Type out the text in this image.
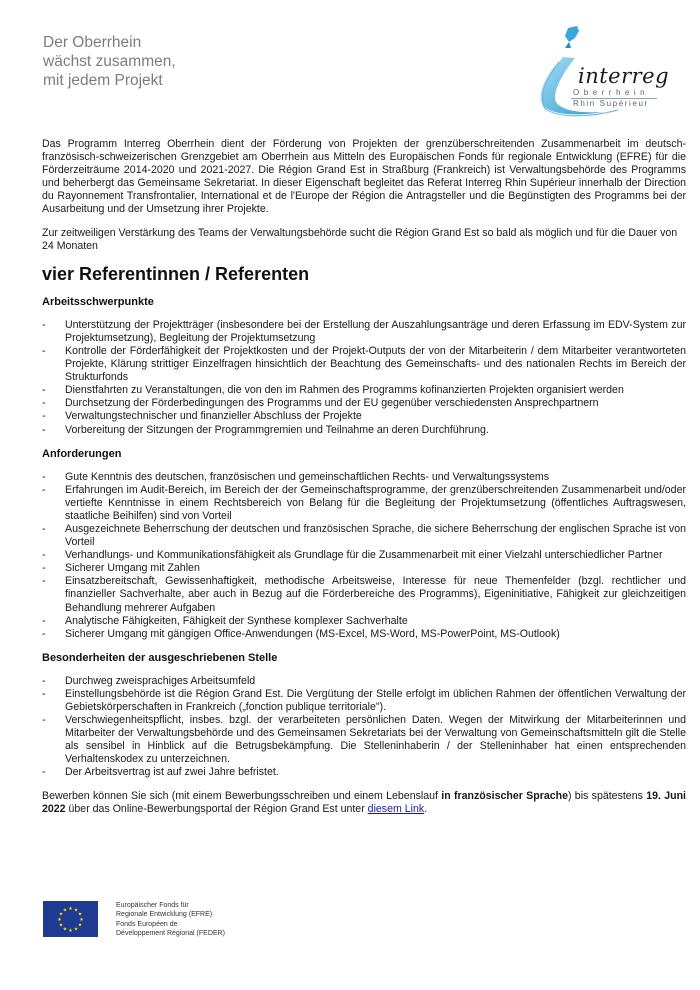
Der Oberrhein
wächst zusammen,
mit jedem Projekt	interreg
Oberrhein
Rhin Supérieur

Das Programm Interreg Oberrhein dient der Förderung von Projekten der grenzüberschreitenden Zusammenarbeit im deutsch-französisch-schweizerischen Grenzgebiet am Oberrhein aus Mitteln des Europäischen Fonds für regionale Entwicklung (EFRE) für die Förderzeiträume 2014-2020 und 2021-2027. Die Région Grand Est in Straßburg (Frankreich) ist Verwaltungsbehörde des Programms und beherbergt das Gemeinsame Sekretariat. In dieser Eigenschaft begleitet das Referat Interreg Rhin Supérieur innerhalb der Direction du Rayonnement Transfrontalier, International et de l'Europe der Région die Antragsteller und die Begünstigten des Programms bei der Ausarbeitung und der Umsetzung ihrer Projekte.

Zur zeitweiligen Verstärkung des Teams der Verwaltungsbehörde sucht die Région Grand Est so bald als möglich und für die Dauer von 24 Monaten

vier Referentinnen / Referenten
Arbeitsschwerpunkte
- Unterstützung der Projektträger (insbesondere bei der Erstellung der Auszahlungsanträge und deren Erfassung im EDV-System zur Projektumsetzung), Begleitung der Projektumsetzung
- Kontrolle der Förderfähigkeit der Projektkosten und der Projekt-Outputs der von der Mitarbeiterin / dem Mitarbeiter verantworteten Projekte, Klärung strittiger Einzelfragen hinsichtlich der Beachtung des Gemeinschafts- und des nationalen Rechts im Bereich der Strukturfonds
- Dienstfahrten zu Veranstaltungen, die von den im Rahmen des Programms kofinanzierten Projekten organisiert werden
- Durchsetzung der Förderbedingungen des Programms und der EU gegenüber verschiedensten Ansprechpartnern
- Verwaltungstechnischer und finanzieller Abschluss der Projekte
- Vorbereitung der Sitzungen der Programmgremien und Teilnahme an deren Durchführung.
Anforderungen
- Gute Kenntnis des deutschen, französischen und gemeinschaftlichen Rechts- und Verwaltungssystems
- Erfahrungen im Audit-Bereich, im Bereich der der Gemeinschaftsprogramme, der grenzüberschreitenden Zusammenarbeit und/oder vertiefte Kenntnisse in einem Rechtsbereich von Belang für die Begleitung der Projektumsetzung (öffentliches Auftragswesen, staatliche Beihilfen) sind von Vorteil
- Ausgezeichnete Beherrschung der deutschen und französischen Sprache, die sichere Beherrschung der englischen Sprache ist von Vorteil
- Verhandlungs- und Kommunikationsfähigkeit als Grundlage für die Zusammenarbeit mit einer Vielzahl unterschiedlicher Partner
- Sicherer Umgang mit Zahlen
- Einsatzbereitschaft, Gewissenhaftigkeit, methodische Arbeitsweise, Interesse für neue Themenfelder (bzgl. rechtlicher und finanzieller Sachverhalte, aber auch in Bezug auf die Förderbereiche des Programms), Eigeninitiative, Fähigkeit zur gleichzeitigen Behandlung mehrerer Aufgaben
- Analytische Fähigkeiten, Fähigkeit der Synthese komplexer Sachverhalte
- Sicherer Umgang mit gängigen Office-Anwendungen (MS-Excel, MS-Word, MS-PowerPoint, MS-Outlook)
Besonderheiten der ausgeschriebenen Stelle
- Durchweg zweisprachiges Arbeitsumfeld
- Einstellungsbehörde ist die Région Grand Est. Die Vergütung der Stelle erfolgt im üblichen Rahmen der öffentlichen Verwaltung der Gebietskörperschaften in Frankreich („fonction publique territoriale").
- Verschwiegenheitspflicht, insbes. bzgl. der verarbeiteten persönlichen Daten. Wegen der Mitwirkung der Mitarbeiterinnen und Mitarbeiter der Verwaltungsbehörde und des Gemeinsamen Sekretariats bei der Verwaltung von Gemeinschaftsmitteln gilt die Stelle als sensibel in Hinblick auf die Betrugsbekämpfung. Die Stelleninhaberin / der Stelleninhaber hat einen entsprechenden Verhaltenskodex zu unterzeichnen.
- Der Arbeitsvertrag ist auf zwei Jahre befristet.

Bewerben können Sie sich (mit einem Bewerbungsschreiben und einem Lebenslauf in französischer Sprache) bis spätestens 19. Juni 2022 über das Online-Bewerbungsportal der Région Grand Est unter diesem Link.

★ ★
★
★
★
★
★
★
★
★
★
★
Europäischer Fonds für
Regionale Entwicklung (EFRE)
Fonds Européen de
Développement Régional (FEDER)
